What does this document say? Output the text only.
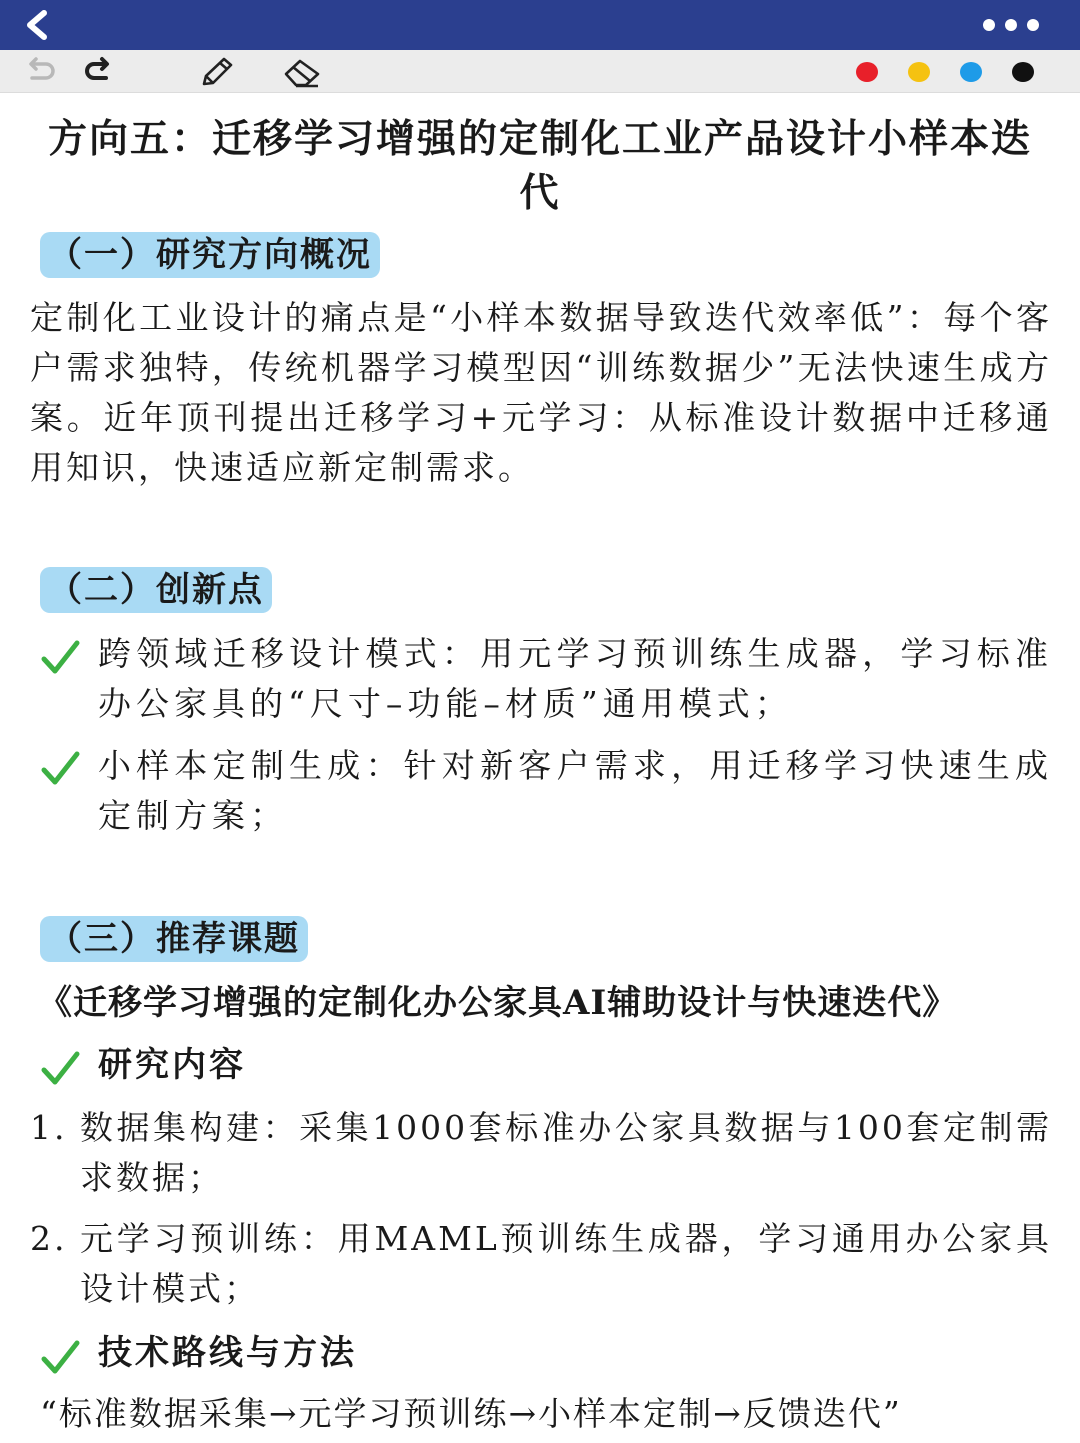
方向五：迁移学习增强的定制化工业产品设计小样本迭代
（一）研究方向概况
定制化工业设计的痛点是“小样本数据导致迭代效率低”：每个客户需求独特，传统机器学习模型因“训练数据少”无法快速生成方案。近年顶刊提出迁移学习+元学习：从标准设计数据中迁移通用知识，快速适应新定制需求。
（二）创新点
跨领域迁移设计模式：用元学习预训练生成器，学习标准办公家具的“尺寸–功能–材质”通用模式；
小样本定制生成：针对新客户需求，用迁移学习快速生成定制方案；
（三）推荐课题
《迁移学习增强的定制化办公家具AI辅助设计与快速迭代》
研究内容
1. 数据集构建：采集1000套标准办公家具数据与100套定制需求数据；
2. 元学习预训练：用MAML预训练生成器，学习通用办公家具设计模式；
技术路线与方法
“标准数据采集→元学习预训练→小样本定制→反馈迭代”
